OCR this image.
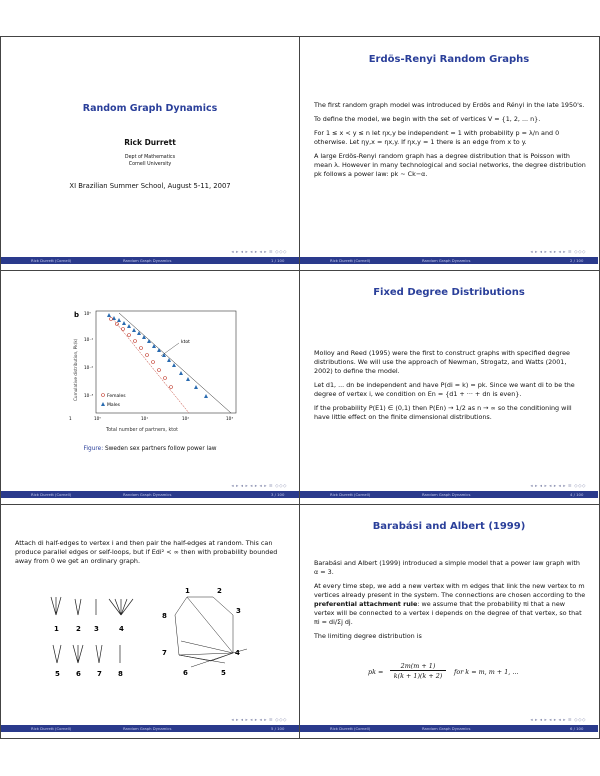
Random Graph Dynamics
Rick Durrett
Dept of Mathematics
Cornell University
XI Brazilian Summer School, August 5-11, 2007
◂ ▸ ◂ ▸ ◂ ▸ ◂ ▸ ≡ ◇◇◇
Rick Durrett (Cornell)	Random Graph Dynamics	1 / 100
Erdös-Renyi Random Graphs

The first random graph model was introduced by Erdös and Rényi in the late 1950's.

To define the model, we begin with the set of vertices V = {1, 2, ... n}.

For 1 ≤ x < y ≤ n let ηx,y be independent = 1 with probability p = λ/n and 0 otherwise. Let ηy,x = ηx,y. If ηx,y = 1 there is an edge from x to y.

A large Erdös-Renyi random graph has a degree distribution that is Poisson with mean λ. However in many technological and social networks, the degree distribution pk follows a power law: pk ∼ Ck−α.

◂ ▸ ◂ ▸ ◂ ▸ ◂ ▸ ≡ ◇◇◇
Rick Durrett (Cornell)	Random Graph Dynamics	2 / 100
b
Cumulative distribution, Pk(k)
Total number of partners, ktot
10⁰
10⁻¹
10⁻²
10⁻³
1	10⁰	10¹	10²	10³
ktot
Females
Males
Figure: Sweden sex partners follow power law
◂ ▸ ◂ ▸ ◂ ▸ ◂ ▸ ≡ ◇◇◇
Rick Durrett (Cornell)	Random Graph Dynamics	3 / 100
Fixed Degree Distributions

Molloy and Reed (1995) were the first to construct graphs with specified degree distributions. We will use the approach of Newman, Strogatz, and Watts (2001, 2002) to define the model.

Let d1, ... dn be independent and have P(di = k) = pk. Since we want di to be the degree of vertex i, we condition on En = {d1 + ··· + dn is even}.

If the probability P(E1) ∈ (0,1) then P(En) → 1/2 as n → ∞ so the conditioning will have little effect on the finite dimensional distributions.

◂ ▸ ◂ ▸ ◂ ▸ ◂ ▸ ≡ ◇◇◇
Rick Durrett (Cornell)	Random Graph Dynamics	4 / 100

Attach di half-edges to vertex i and then pair the half-edges at random. This can produce parallel edges or self-loops, but if Edi² < ∞ then with probability bounded away from 0 we get an ordinary graph.

1 2 3	4
5 6 7 8
1	2
3
4
5
6
7
8
◂ ▸ ◂ ▸ ◂ ▸ ◂ ▸ ≡ ◇◇◇
Rick Durrett (Cornell)	Random Graph Dynamics	5 / 100
Barabási and Albert (1999)

Barabási and Albert (1999) introduced a simple model that a power law graph with α = 3.

At every time step, we add a new vertex with m edges that link the new vertex to m vertices already present in the system. The connections are chosen according to the preferential attachment rule: we assume that the probability πi that a new vertex will be connected to a vertex i depends on the degree of that vertex, so that πi = di/Σj dj.

The limiting degree distribution is

pk =
2m(m + 1)
k(k + 1)(k + 2)	for k = m, m + 1, ...
◂ ▸ ◂ ▸ ◂ ▸ ◂ ▸ ≡ ◇◇◇
Rick Durrett (Cornell)	Random Graph Dynamics	6 / 100
